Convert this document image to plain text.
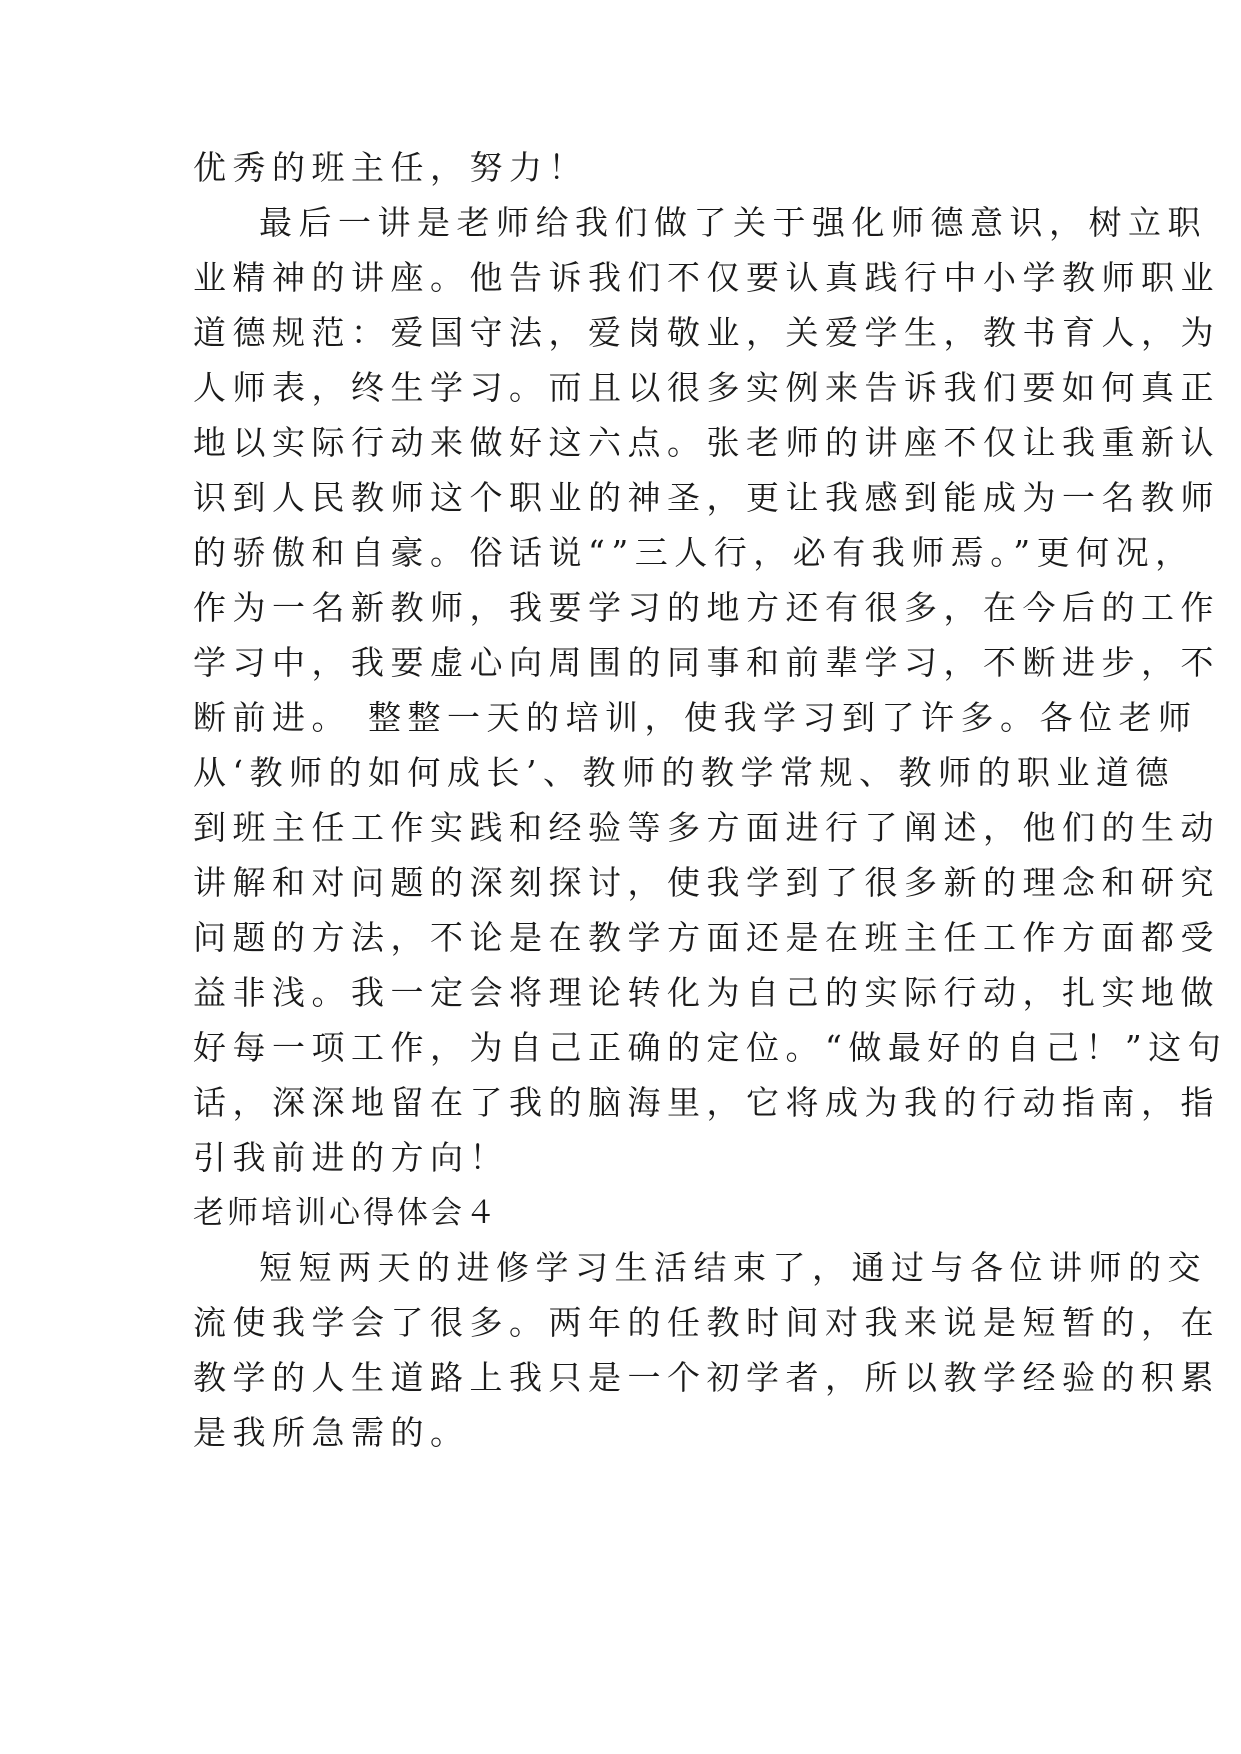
优秀的班主任，努力！
最后一讲是老师给我们做了关于强化师德意识，树立职
业精神的讲座。他告诉我们不仅要认真践行中小学教师职业
道德规范：爱国守法，爱岗敬业，关爱学生，教书育人，为
人师表，终生学习。而且以很多实例来告诉我们要如何真正
地以实际行动来做好这六点。张老师的讲座不仅让我重新认
识到人民教师这个职业的神圣，更让我感到能成为一名教师
的骄傲和自豪。俗话说“”三人行，必有我师焉。”更何况，
作为一名新教师，我要学习的地方还有很多，在今后的工作
学习中，我要虚心向周围的同事和前辈学习，不断进步，不
断前进。 整整一天的培训，使我学习到了许多。各位老师
从‘教师的如何成长’、教师的教学常规、教师的职业道德
到班主任工作实践和经验等多方面进行了阐述，他们的生动
讲解和对问题的深刻探讨，使我学到了很多新的理念和研究
问题的方法，不论是在教学方面还是在班主任工作方面都受
益非浅。我一定会将理论转化为自己的实际行动，扎实地做
好每一项工作，为自己正确的定位。“做最好的自己！”这句
话，深深地留在了我的脑海里，它将成为我的行动指南，指
引我前进的方向！
老师培训心得体会４
短短两天的进修学习生活结束了，通过与各位讲师的交
流使我学会了很多。两年的任教时间对我来说是短暂的，在
教学的人生道路上我只是一个初学者，所以教学经验的积累
是我所急需的。
